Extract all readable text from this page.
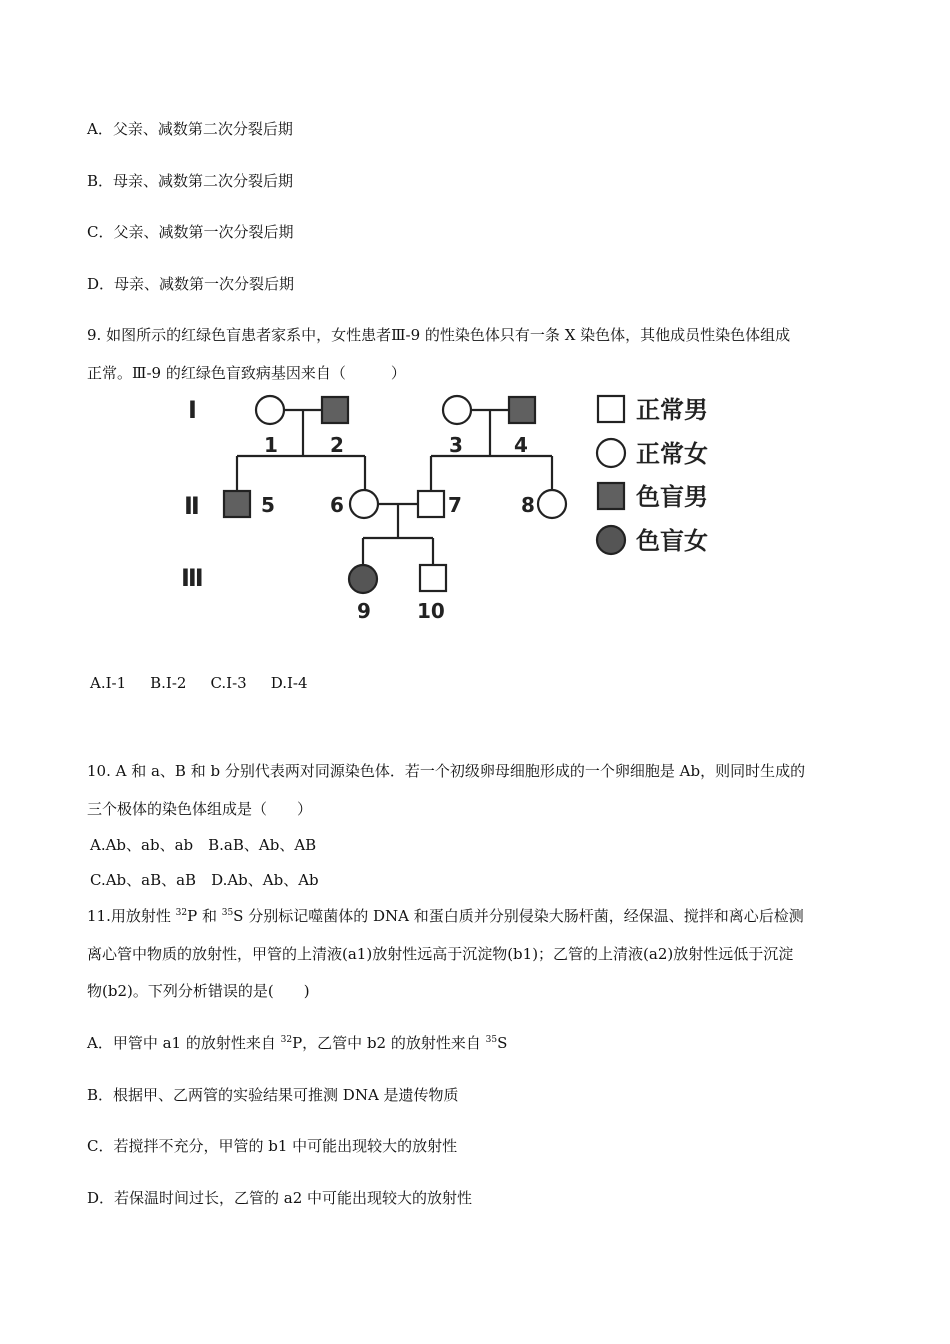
A．父亲、减数第二次分裂后期
B．母亲、减数第二次分裂后期
C．父亲、减数第一次分裂后期
D．母亲、减数第一次分裂后期
9. 如图所示的红绿色盲患者家系中，女性患者Ⅲ-9 的性染色体只有一条 X 染色体，其他成员性染色体组成
正常。Ⅲ-9 的红绿色盲致病基因来自（　　　）
Ⅰ
Ⅱ
Ⅲ
1	2	3	4
5	6	7	8
9 10
正常男
正常女
色盲男
色盲女
A.Ⅰ-1 B.Ⅰ-2 C.Ⅰ-3 D.Ⅰ-4
10. A 和 a、B 和 b 分别代表两对同源染色体．若一个初级卵母细胞形成的一个卵细胞是 Ab，则同时生成的
三个极体的染色体组成是（　　）
A.Ab、ab、ab　B.aB、Ab、AB
C.Ab、aB、aB　D.Ab、Ab、Ab
11.用放射性 $^{32}$P 和 $^{35}$S 分别标记噬菌体的 DNA 和蛋白质并分别侵染大肠杆菌，经保温、搅拌和离心后检测
离心管中物质的放射性，甲管的上清液(a1)放射性远高于沉淀物(b1)；乙管的上清液(a2)放射性远低于沉淀
物(b2)。下列分析错误的是(　　)
A．甲管中 a1 的放射性来自 $^{32}$P，乙管中 b2 的放射性来自 $^{35}$S
B．根据甲、乙两管的实验结果可推测 DNA 是遗传物质
C．若搅拌不充分，甲管的 b1 中可能出现较大的放射性
D．若保温时间过长，乙管的 a2 中可能出现较大的放射性
